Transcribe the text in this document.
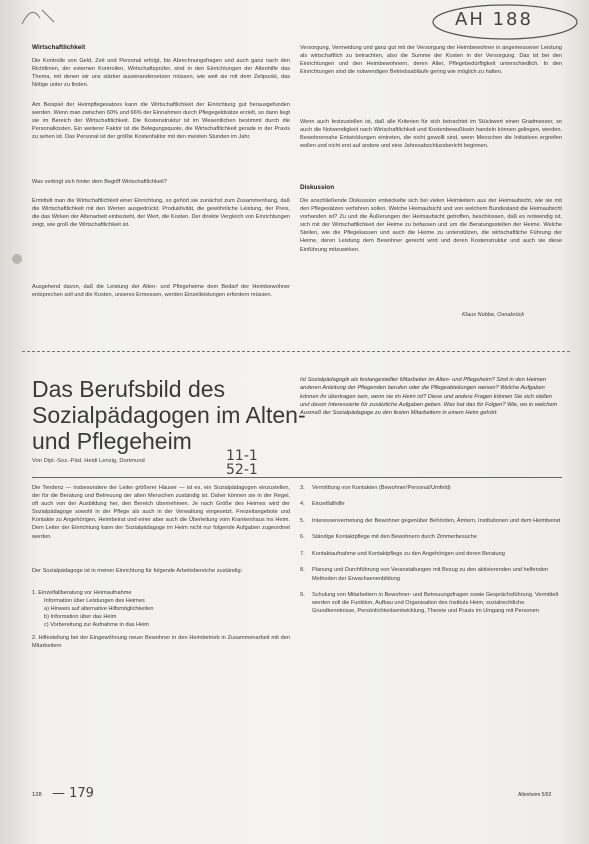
AH 188
Wirtschaftlichkeit
Die Kontrolle von Geld, Zeit und Personal erfolgt, bis Abrechnungsfragen und auch ganz nach den Richtlinien, der externen Kontrollen, Wirtschaftsprüfer, sind in den Einrichtungen der Altenhilfe das Thema, mit denen wir uns stärker auseinandersetzen müssen, wie weit sie mit dem Zeitpunkt, das Nötige unter zu finden.
Am Beispiel der Heimpflegesatzes kann die Wirtschaftlichkeit der Einrichtung gut herausgefunden werden. Wenn man zwischen 60% und 66% der Einnahmen durch Pflegegeldsätze erzielt, so dann liegt sie im Bereich der Wirtschaftlichkeit. Die Kostenstruktur ist im Wesentlichen bestimmt durch die Personalkosten. Ein weiterer Faktor ist die Belegungsquote, die Wirtschaftlichkeit gerade in der Praxis zu sehen ist. Das Personal ist der größte Kostenfaktor mit den meisten Stunden im Jahr.
Was verbirgt sich hinter dem Begriff Wirtschaftlichkeit?
Ermittelt man die Wirtschaftlichkeit einer Einrichtung, so gehört sie zunächst zum Zusammenhang, daß die Wirtschaftlichkeit mit den Werten ausgedrückt. Produktivität, die gewöhnliche Leistung, der Preis, die das Wirken der Altenarbeit einbezieht, der Wert, die Kosten. Der direkte Vergleich von Einrichtungen zeigt, wie groß die Wirtschaftlichkeit ist.
Ausgehend davon, daß die Leistung der Alten- und Pflegeheime dem Bedarf der Heimbewohner entsprechen soll und die Kosten, unseres Ermessen, werden Einzelleistungen erfordern müssen.
Versorgung, Vermeidung und ganz gut mit der Versorgung der Heimbewohner in angemessener Leistung als wirtschaftlich zu betrachten, also die Summe der Kosten in der Versorgung. Das ist bei den Einrichtungen und den Heimbewohnern, deren Alter, Pflegebedürftigkeit unterschiedlich. In den Einrichtungen sind die notwendigen Betriebsabläufe gering wie möglich zu halten.
Wenn auch festzustellen ist, daß alle Kriterien für sich betrachtet im Stückwert einen Gradmesser, so auch die Notwendigkeit nach Wirtschaftlichkeit und Kostenbewußtsein handeln können gelingen, werden. Bewohnernahe Entwicklungen eintreten, die nicht gewollt sind, wenn Menschen die Initiativen ergreifen wollen und nicht erst auf andere und eine Jahresabschlussbericht beginnen.
Diskussion
Die anschließende Diskussion entwickelte sich bei vielen Heimleitern aus der Heimaufsicht, wie sie mit den Pflegesätzen verfahren sollen. Welche Heimaufsicht und von welchem Bundesland die Heimaufsicht vorhanden ist? Zu und die Äußerungen der Heimaufsicht getroffen, beschlossen, daß es notwendig ist, sich mit der Wirtschaftlichkeit der Heime zu befassen und um die Beratungsstellen der Heime. Welche Stellen, wie die Pflegekassen und auch die Heime zu unterstützen, die wirtschaftliche Führung der Heime, deren Leistung dem Bewohner gerecht wird und deren Kostenstruktur und auch sie diese Einführung mitzuwirken.
Klaus Nobbe, Osnabrück
Das Berufsbild des Sozialpädagogen im Alten- und Pflegeheim
Ist Sozialpädagogik als festangestellter Mitarbeiter im Alten- und Pflegeheim? Sind in den Heimen anderen Anleitung der Pflegenden berufen oder die Pflegeabteilungen weisen? Welche Aufgaben können ihr übertragen sein, wenn sie im Heim ist? Diese und andere Fragen können Sie sich stellen und davon Interessierte für zusätzliche Aufgaben geben. Was hat das für Folgen? Wie, wo in welchem Ausmaß der Sozialpädagoge zu den festen Mitarbeitern in einem Heim gehört.
Von Dipl.-Soz.-Päd. Heidi Lenzig, Dortmund	11-1
52-1
Die Tendenz — insbesondere der Leiter größerer Häuser — ist es, ein Sozialpädagogen einzustellen, der für die Beratung und Betreuung der alten Menschen zuständig ist. Daher können sie in der Regel, oft auch von der Ausbildung her, den Bereich übernehmen. Je nach Größe des Heimes wird der Sozialpädagoge sowohl in der Pflege als auch in der Verwaltung eingesetzt. Freizeitangebote und Kontakte zu Angehörigen, Heimbeirat und einer aber auch die Überleitung vom Krankenhaus ins Heim. Dem Leiter der Einrichtung kann der Sozialpädagoge im Heim nicht nur folgende Aufgaben zugeordnet werden.
Der Sozialpädagoge ist in meiner Einrichtung für folgende Arbeitsbereiche zuständig:
1. Einzelfallberatung vor Heimaufnahme
Information über Leistungen des Heimes
a) Hinweis auf alternative Hilfsmöglichkeiten
b) Information über das Heim
c) Vorbereitung zur Aufnahme in das Heim
2. Hilfestellung bei der Eingewöhnung neuer Bewohner in den Heimbetrieb in Zusammenarbeit mit den Mitarbeitern
3.	Vermittlung von Kontakten (Bewohner/Personal/Umfeld)
4.	Einzelfallhilfe
5.	Interessenvertretung der Bewohner gegenüber Behörden, Ämtern, Institutionen und dem Heimbeirat
6.	Ständige Kontaktpflege mit den Bewohnern durch Zimmerbesuche
7.	Kontaktaufnahme und Kontaktpflege zu den Angehörigen und deren Beratung
8.	Planung und Durchführung von Veranstaltungen mit Bezug zu den aktivierenden und helfenden Methoden der Erwachsenenbildung
9.	Schulung von Mitarbeitern in Bewohner- und Betreuungsfragen sowie Gesprächsführung. Vermittelt werden soll die Funktion, Aufbau und Organisation des Instituts Heim, sozialrechtliche Grundkenntnisse, Persönlichkeitsentwicklung, Theorie und Praxis im Umgang mit Personen
128 — 179	Altenheim 5/92
